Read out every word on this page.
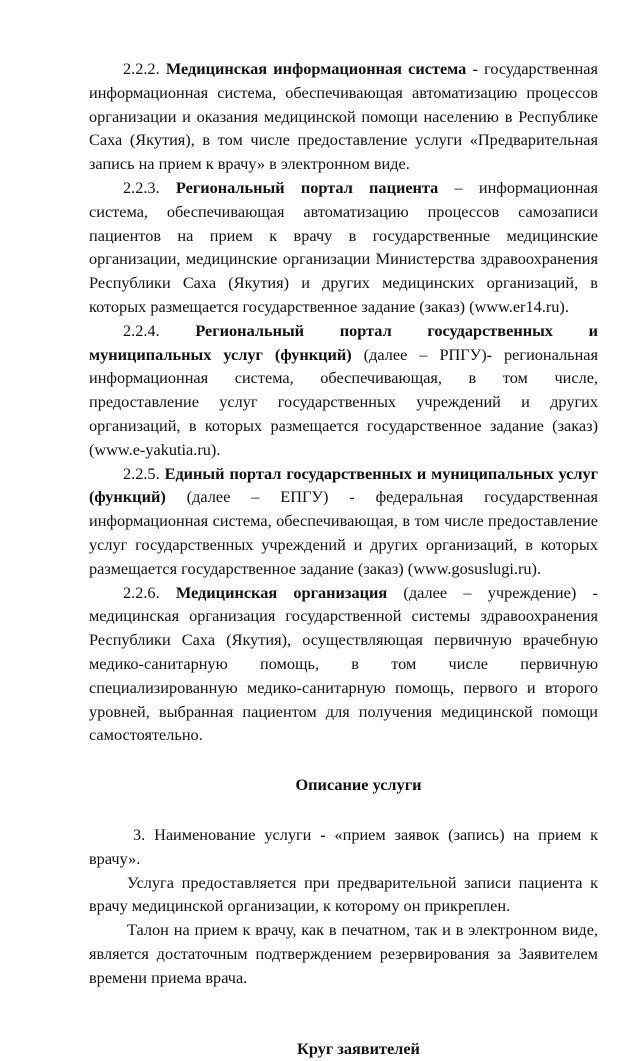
2.2.2. Медицинская информационная система - государственная информационная система, обеспечивающая автоматизацию процессов организации и оказания медицинской помощи населению в Республике Саха (Якутия), в том числе предоставление услуги «Предварительная запись на прием к врачу» в электронном виде.

2.2.3. Региональный портал пациента – информационная система, обеспечивающая автоматизацию процессов самозаписи пациентов на прием к врачу в государственные медицинские организации, медицинские организации Министерства здравоохранения Республики Саха (Якутия) и других медицинских организаций, в которых размещается государственное задание (заказ) (www.er14.ru).

2.2.4. Региональный портал государственных и муниципальных услуг (функций) (далее – РПГУ)- региональная информационная система, обеспечивающая, в том числе, предоставление услуг государственных учреждений и других организаций, в которых размещается государственное задание (заказ) (www.e-yakutia.ru).

2.2.5. Единый портал государственных и муниципальных услуг (функций) (далее – ЕПГУ) - федеральная государственная информационная система, обеспечивающая, в том числе предоставление услуг государственных учреждений и других организаций, в которых размещается государственное задание (заказ) (www.gosuslugi.ru).

2.2.6. Медицинская организация (далее – учреждение) - медицинская организация государственной системы здравоохранения Республики Саха (Якутия), осуществляющая первичную врачебную медико-санитарную помощь, в том числе первичную специализированную медико-санитарную помощь, первого и второго уровней, выбранная пациентом для получения медицинской помощи самостоятельно.

Описание услуги

3. Наименование услуги - «прием заявок (запись) на прием к врачу».

Услуга предоставляется при предварительной записи пациента к врачу медицинской организации, к которому он прикреплен.

Талон на прием к врачу, как в печатном, так и в электронном виде, является достаточным подтверждением резервирования за Заявителем времени приема врача.

Круг заявителей
